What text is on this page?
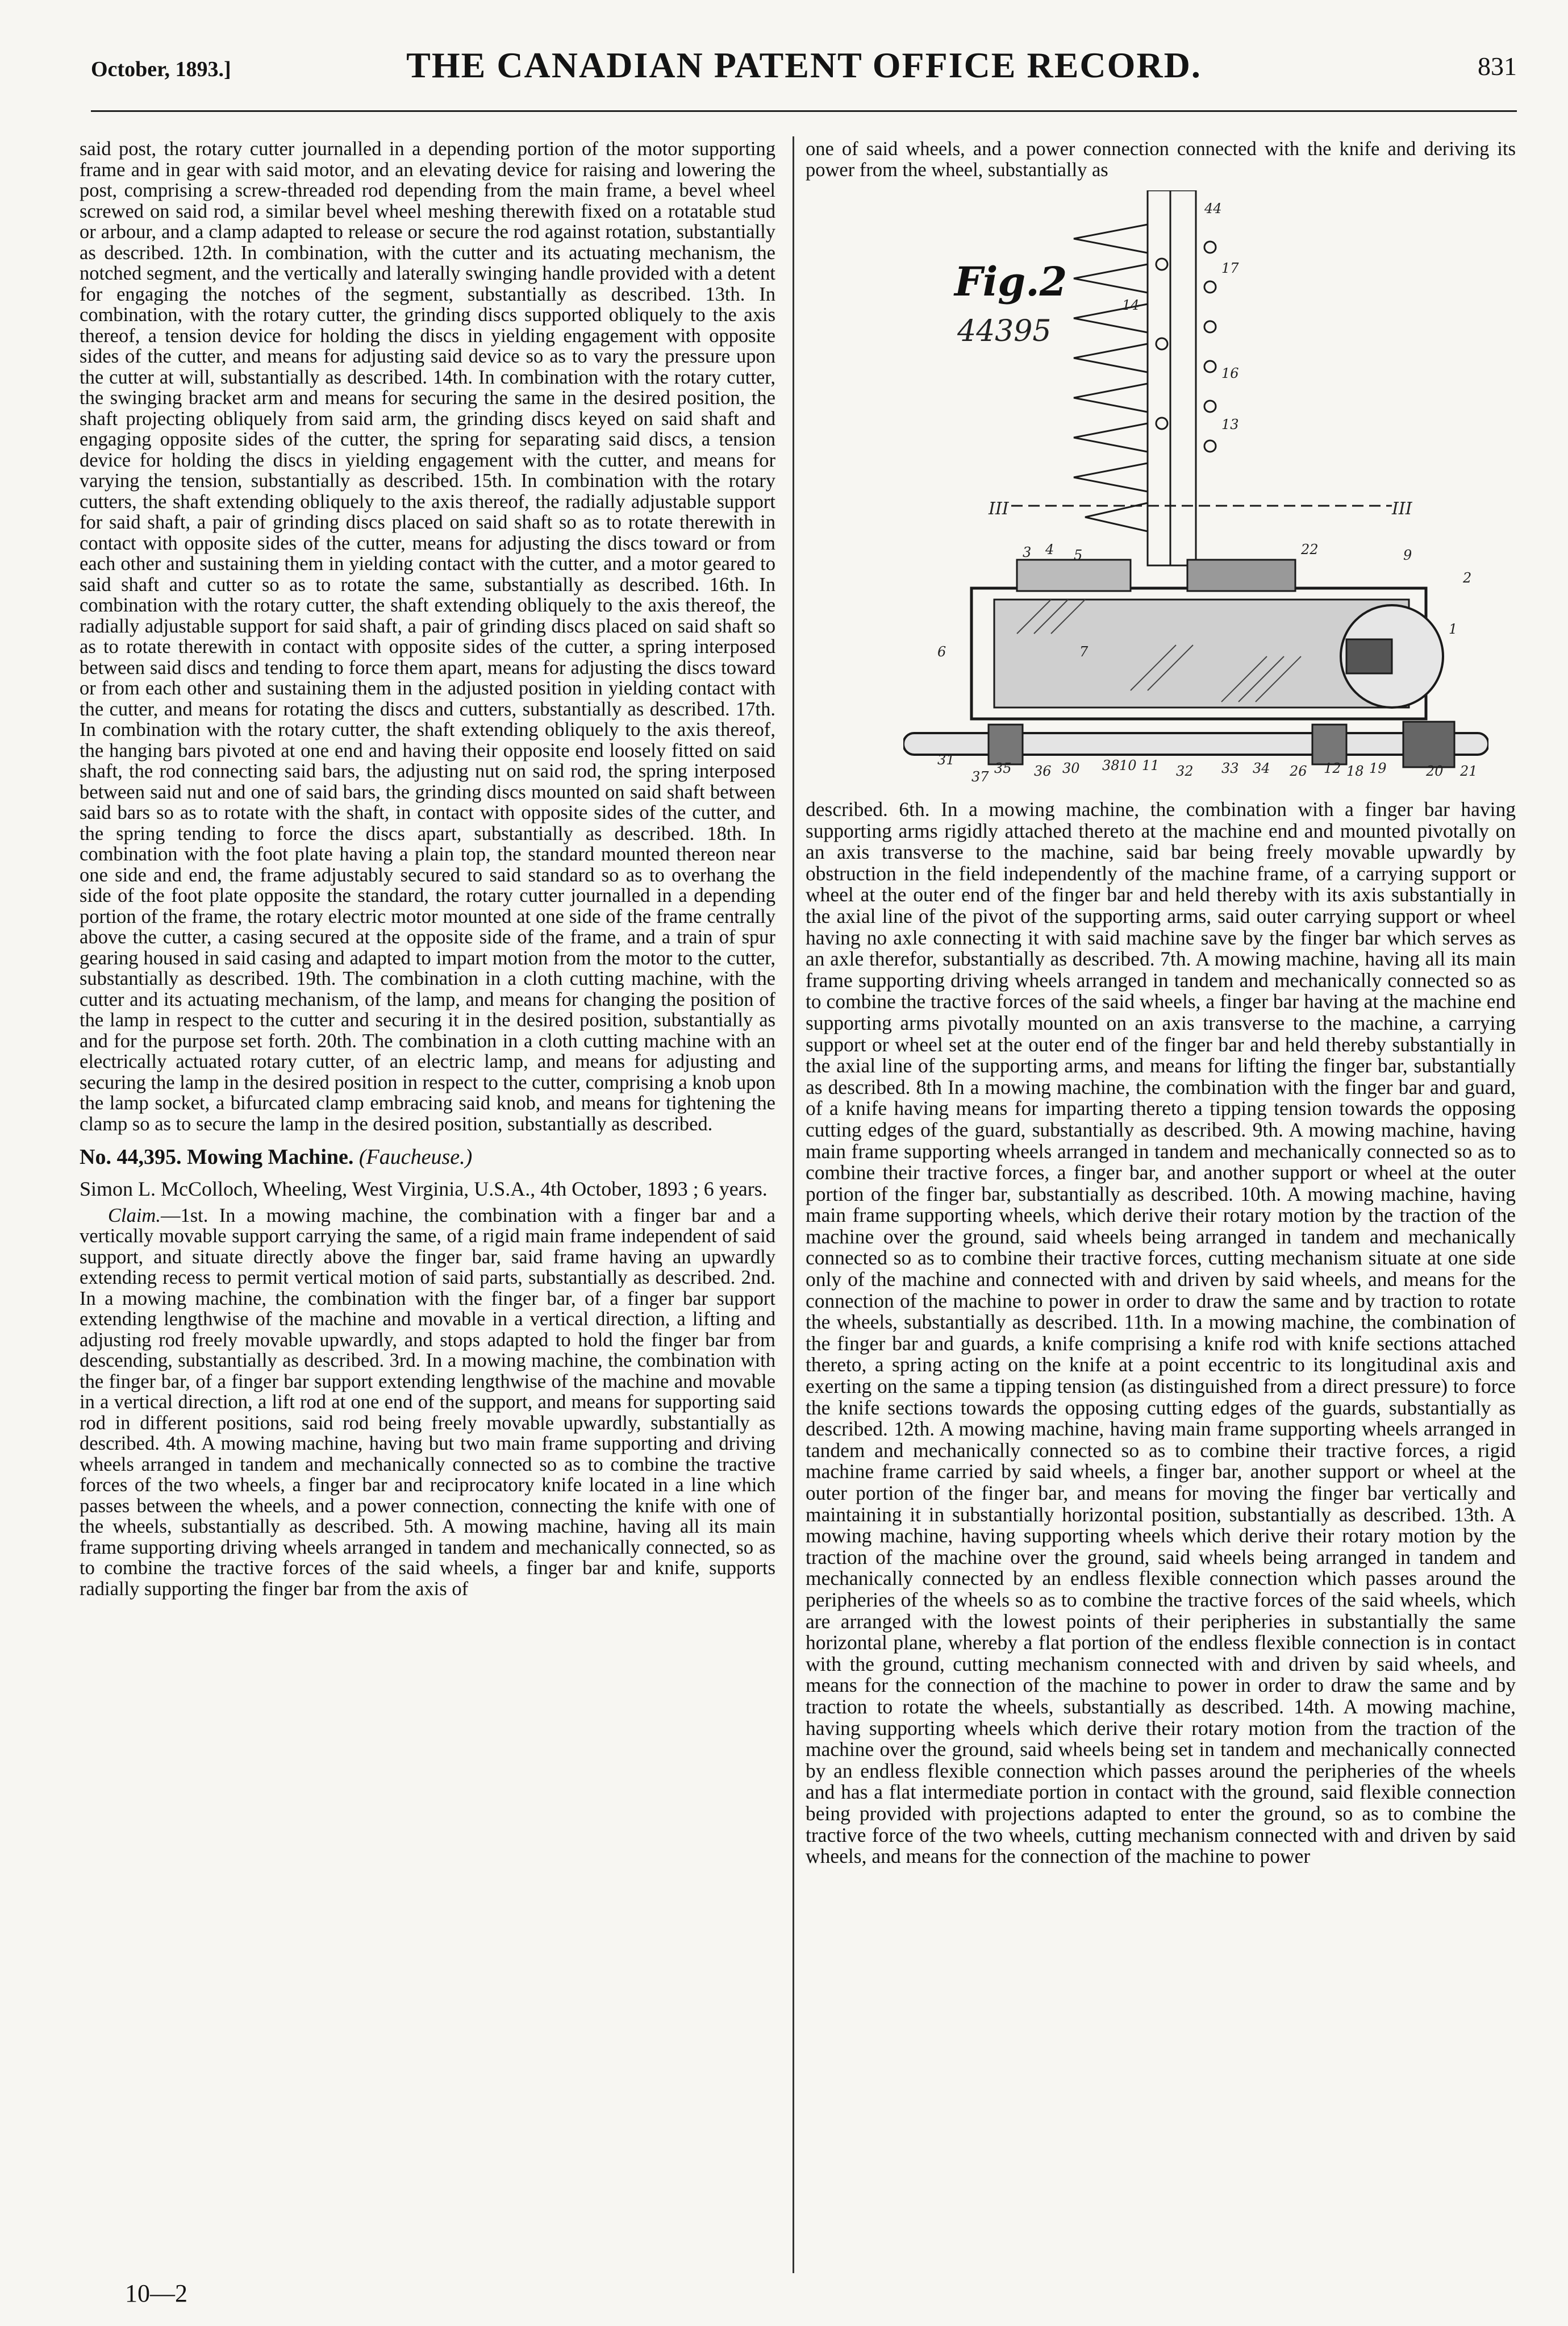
October, 1893.]	THE CANADIAN PATENT OFFICE RECORD.	831

said post, the rotary cutter journalled in a depending portion of the motor supporting frame and in gear with said motor, and an elevating device for raising and lowering the post, comprising a screw-threaded rod depending from the main frame, a bevel wheel screwed on said rod, a similar bevel wheel meshing therewith fixed on a rotatable stud or arbour, and a clamp adapted to release or secure the rod against rotation, substantially as described. 12th. In combination, with the cutter and its actuating mechanism, the notched segment, and the vertically and laterally swinging handle provided with a detent for engaging the notches of the segment, substantially as described. 13th. In combination, with the rotary cutter, the grinding discs supported obliquely to the axis thereof, a tension device for holding the discs in yielding engagement with opposite sides of the cutter, and means for adjusting said device so as to vary the pressure upon the cutter at will, substantially as described. 14th. In combination with the rotary cutter, the swinging bracket arm and means for securing the same in the desired position, the shaft projecting obliquely from said arm, the grinding discs keyed on said shaft and engaging opposite sides of the cutter, the spring for separating said discs, a tension device for holding the discs in yielding engagement with the cutter, and means for varying the tension, substantially as described. 15th. In combination with the rotary cutters, the shaft extending obliquely to the axis thereof, the radially adjustable support for said shaft, a pair of grinding discs placed on said shaft so as to rotate therewith in contact with opposite sides of the cutter, means for adjusting the discs toward or from each other and sustaining them in yielding contact with the cutter, and a motor geared to said shaft and cutter so as to rotate the same, substantially as described. 16th. In combination with the rotary cutter, the shaft extending obliquely to the axis thereof, the radially adjustable support for said shaft, a pair of grinding discs placed on said shaft so as to rotate therewith in contact with opposite sides of the cutter, a spring interposed between said discs and tending to force them apart, means for adjusting the discs toward or from each other and sustaining them in the adjusted position in yielding contact with the cutter, and means for rotating the discs and cutters, substantially as described. 17th. In combination with the rotary cutter, the shaft extending obliquely to the axis thereof, the hanging bars pivoted at one end and having their opposite end loosely fitted on said shaft, the rod connecting said bars, the adjusting nut on said rod, the spring interposed between said nut and one of said bars, the grinding discs mounted on said shaft between said bars so as to rotate with the shaft, in contact with opposite sides of the cutter, and the spring tending to force the discs apart, substantially as described. 18th. In combination with the foot plate having a plain top, the standard mounted thereon near one side and end, the frame adjustably secured to said standard so as to overhang the side of the foot plate opposite the standard, the rotary cutter journalled in a depending portion of the frame, the rotary electric motor mounted at one side of the frame centrally above the cutter, a casing secured at the opposite side of the frame, and a train of spur gearing housed in said casing and adapted to impart motion from the motor to the cutter, substantially as described. 19th. The combination in a cloth cutting machine, with the cutter and its actuating mechanism, of the lamp, and means for changing the position of the lamp in respect to the cutter and securing it in the desired position, substantially as and for the purpose set forth. 20th. The combination in a cloth cutting machine with an electrically actuated rotary cutter, of an electric lamp, and means for adjusting and securing the lamp in the desired position in respect to the cutter, comprising a knob upon the lamp socket, a bifurcated clamp embracing said knob, and means for tightening the clamp so as to secure the lamp in the desired position, substantially as described.

No. 44,395. Mowing Machine. (Faucheuse.)

Simon L. McColloch, Wheeling, West Virginia, U.S.A., 4th October, 1893 ; 6 years.

Claim.—1st. In a mowing machine, the combination with a finger bar and a vertically movable support carrying the same, of a rigid main frame independent of said support, and situate directly above the finger bar, said frame having an upwardly extending recess to permit vertical motion of said parts, substantially as described. 2nd. In a mowing machine, the combination with the finger bar, of a finger bar support extending lengthwise of the machine and movable in a vertical direction, a lifting and adjusting rod freely movable upwardly, and stops adapted to hold the finger bar from descending, substantially as described. 3rd. In a mowing machine, the combination with the finger bar, of a finger bar support extending lengthwise of the machine and movable in a vertical direction, a lift rod at one end of the support, and means for supporting said rod in different positions, said rod being freely movable upwardly, substantially as described. 4th. A mowing machine, having but two main frame supporting and driving wheels arranged in tandem and mechanically connected so as to combine the tractive forces of the two wheels, a finger bar and reciprocatory knife located in a line which passes between the wheels, and a power connection, connecting the knife with one of the wheels, substantially as described. 5th. A mowing machine, having all its main frame supporting driving wheels arranged in tandem and mechanically connected, so as to combine the tractive forces of the said wheels, a finger bar and knife, supports radially supporting the finger bar from the axis of

one of said wheels, and a power connection connected with the knife and deriving its power from the wheel, substantially as

Fig.2
44395
III	III
44
17
14
16
13
3 4 5
6	7
1
2
9
32 33 34
35 36
37
38	26
31
30	10 11	12 18 19	20 21
22

described. 6th. In a mowing machine, the combination with a finger bar having supporting arms rigidly attached thereto at the machine end and mounted pivotally on an axis transverse to the machine, said bar being freely movable upwardly by obstruction in the field independently of the machine frame, of a carrying support or wheel at the outer end of the finger bar and held thereby with its axis substantially in the axial line of the pivot of the supporting arms, said outer carrying support or wheel having no axle connecting it with said machine save by the finger bar which serves as an axle therefor, substantially as described. 7th. A mowing machine, having all its main frame supporting driving wheels arranged in tandem and mechanically connected so as to combine the tractive forces of the said wheels, a finger bar having at the machine end supporting arms pivotally mounted on an axis transverse to the machine, a carrying support or wheel set at the outer end of the finger bar and held thereby substantially in the axial line of the supporting arms, and means for lifting the finger bar, substantially as described. 8th In a mowing machine, the combination with the finger bar and guard, of a knife having means for imparting thereto a tipping tension towards the opposing cutting edges of the guard, substantially as described. 9th. A mowing machine, having main frame supporting wheels arranged in tandem and mechanically connected so as to combine their tractive forces, a finger bar, and another support or wheel at the outer portion of the finger bar, substantially as described. 10th. A mowing machine, having main frame supporting wheels, which derive their rotary motion by the traction of the machine over the ground, said wheels being arranged in tandem and mechanically connected so as to combine their tractive forces, cutting mechanism situate at one side only of the machine and connected with and driven by said wheels, and means for the connection of the machine to power in order to draw the same and by traction to rotate the wheels, substantially as described. 11th. In a mowing machine, the combination of the finger bar and guards, a knife comprising a knife rod with knife sections attached thereto, a spring acting on the knife at a point eccentric to its longitudinal axis and exerting on the same a tipping tension (as distinguished from a direct pressure) to force the knife sections towards the opposing cutting edges of the guards, substantially as described. 12th. A mowing machine, having main frame supporting wheels arranged in tandem and mechanically connected so as to combine their tractive forces, a rigid machine frame carried by said wheels, a finger bar, another support or wheel at the outer portion of the finger bar, and means for moving the finger bar vertically and maintaining it in substantially horizontal position, substantially as described. 13th. A mowing machine, having supporting wheels which derive their rotary motion by the traction of the machine over the ground, said wheels being arranged in tandem and mechanically connected by an endless flexible connection which passes around the peripheries of the wheels so as to combine the tractive forces of the said wheels, which are arranged with the lowest points of their peripheries in substantially the same horizontal plane, whereby a flat portion of the endless flexible connection is in contact with the ground, cutting mechanism connected with and driven by said wheels, and means for the connection of the machine to power in order to draw the same and by traction to rotate the wheels, substantially as described. 14th. A mowing machine, having supporting wheels which derive their rotary motion from the traction of the machine over the ground, said wheels being set in tandem and mechanically connected by an endless flexible connection which passes around the peripheries of the wheels and has a flat intermediate portion in contact with the ground, said flexible connection being provided with projections adapted to enter the ground, so as to combine the tractive force of the two wheels, cutting mechanism connected with and driven by said wheels, and means for the connection of the machine to power

10—2
